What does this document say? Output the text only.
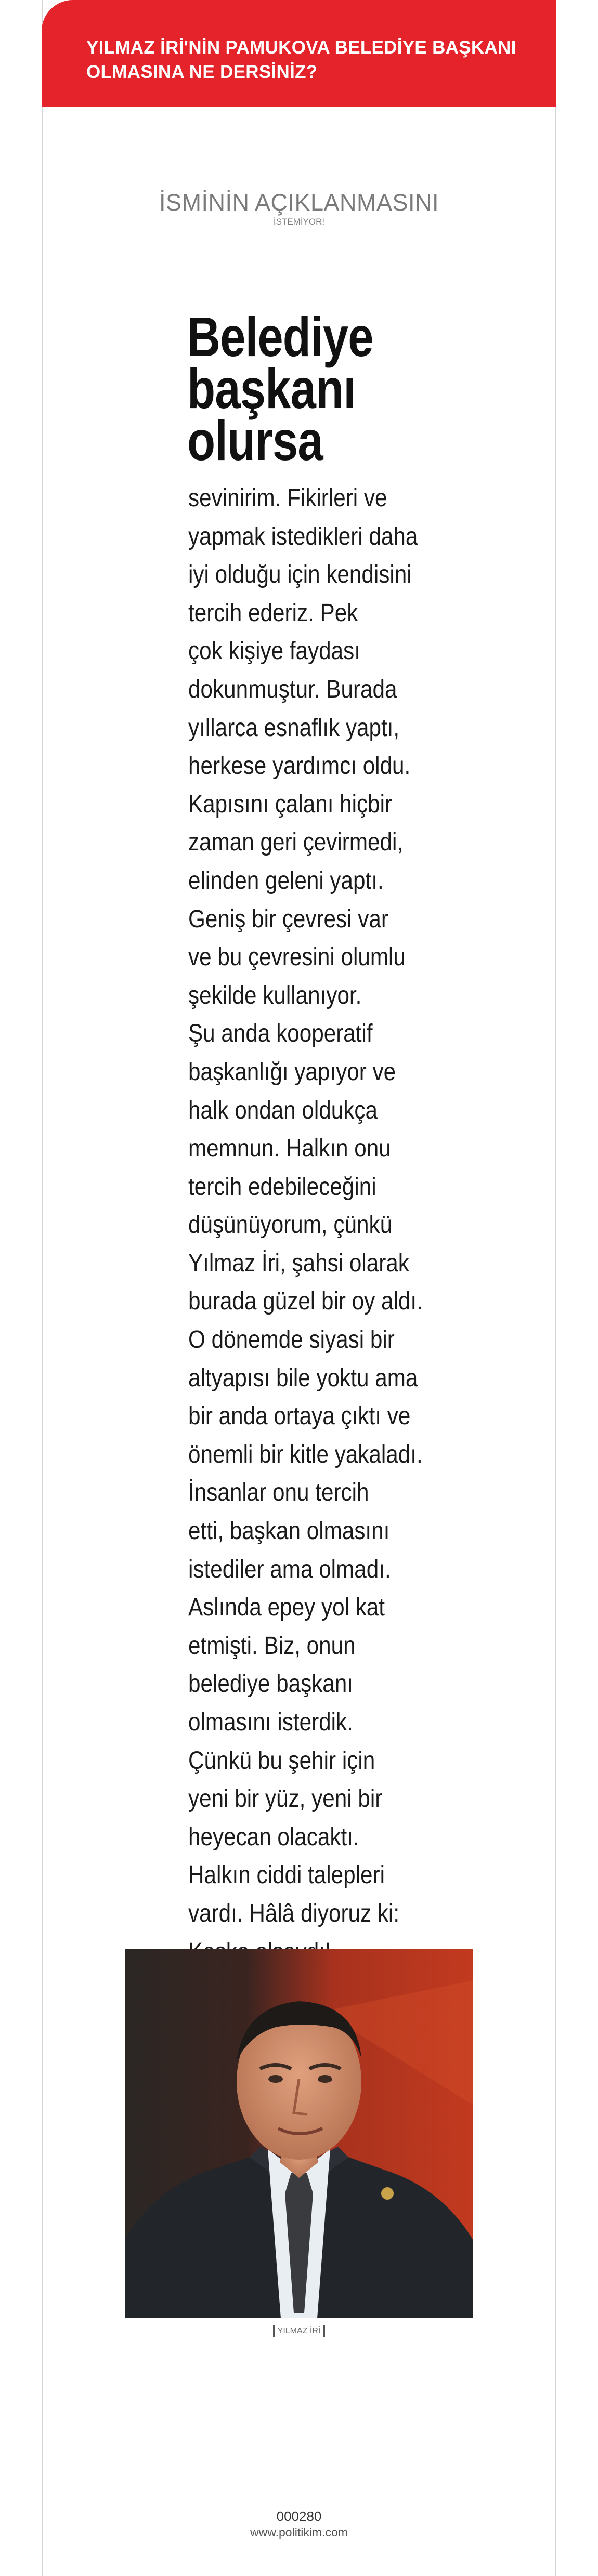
YILMAZ İRİ'NİN PAMUKOVA BELEDİYE BAŞKANI
OLMASINA NE DERSİNİZ?

İSMİNİN AÇIKLANMASINI
İSTEMİYOR!
Belediye
başkanı
olursa

sevinirim. Fikirleri ve
yapmak istedikleri daha
iyi olduğu için kendisini
tercih ederiz. Pek
çok kişiye faydası
dokunmuştur. Burada
yıllarca esnaflık yaptı,
herkese yardımcı oldu.
Kapısını çalanı hiçbir
zaman geri çevirmedi,
elinden geleni yaptı.
Geniş bir çevresi var
ve bu çevresini olumlu
şekilde kullanıyor.
Şu anda kooperatif
başkanlığı yapıyor ve
halk ondan oldukça
memnun. Halkın onu
tercih edebileceğini
düşünüyorum, çünkü
Yılmaz İri, şahsi olarak
burada güzel bir oy aldı.
O dönemde siyasi bir
altyapısı bile yoktu ama
bir anda ortaya çıktı ve
önemli bir kitle yakaladı.
İnsanlar onu tercih
etti, başkan olmasını
istediler ama olmadı.
Aslında epey yol kat
etmişti. Biz, onun
belediye başkanı
olmasını isterdik.
Çünkü bu şehir için
yeni bir yüz, yeni bir
heyecan olacaktı.
Halkın ciddi talepleri
vardı. Hâlâ diyoruz ki:

YILMAZ İRİ
000280
www.politikim.com
